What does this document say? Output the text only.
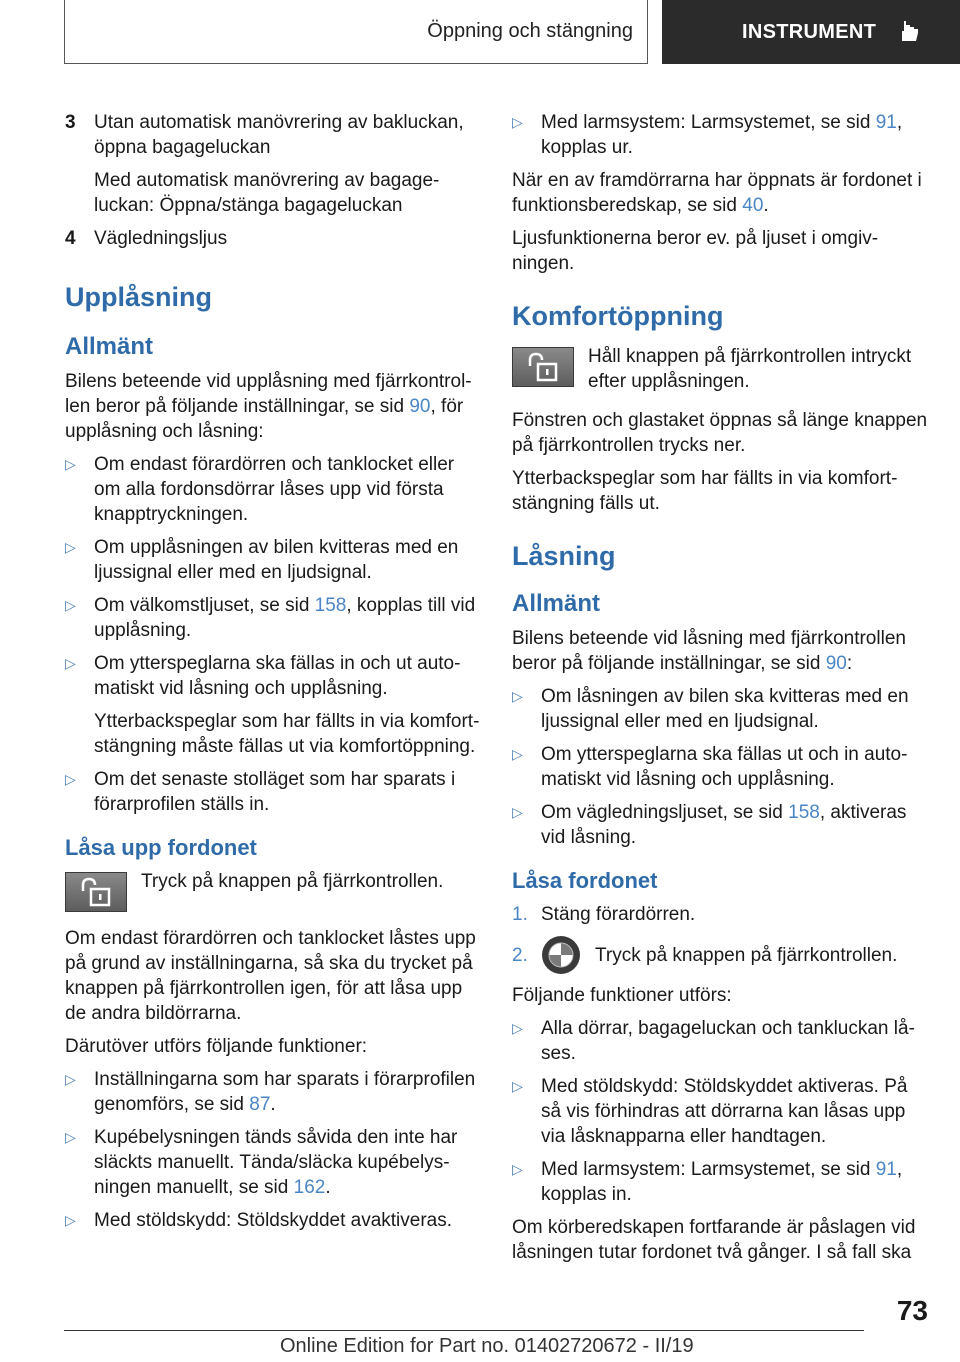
Öppning och stängning	INSTRUMENT
3 Utan automatisk manövrering av bakluckan, öppna bagageluckan
Med automatisk manövrering av bagage-luckan: Öppna/stänga bagageluckan
4 Vägledningsljus
Upplåsning
Allmänt

Bilens beteende vid upplåsning med fjärrkontrol-len beror på följande inställningar, se sid 90, för upplåsning och låsning:

▷ Om endast förardörren och tanklocket eller om alla fordonsdörrar låses upp vid första knapptryckningen.
▷ Om upplåsningen av bilen kvitteras med en ljussignal eller med en ljudsignal.
▷ Om välkomstljuset, se sid 158, kopplas till vid upplåsning.
▷ Om ytterspeglarna ska fällas in och ut auto-matiskt vid låsning och upplåsning.
Ytterbackspeglar som har fällts in via komfort-stängning måste fällas ut via komfortöppning.
▷ Om det senaste stolläget som har sparats i förarprofilen ställs in.
Låsa upp fordonet
Tryck på knappen på fjärrkontrollen.

Om endast förardörren och tanklocket låstes upp på grund av inställningarna, så ska du trycket på knappen på fjärrkontrollen igen, för att låsa upp de andra bildörrarna.

Därutöver utförs följande funktioner:

▷ Inställningarna som har sparats i förarprofilen genomförs, se sid 87.
▷ Kupébelysningen tänds såvida den inte har släckts manuellt. Tända/släcka kupébelys-ningen manuellt, se sid 162.
▷ Med stöldskydd: Stöldskyddet avaktiveras.
▷ Med larmsystem: Larmsystemet, se sid 91, kopplas ur.

När en av framdörrarna har öppnats är fordonet i funktionsberedskap, se sid 40.

Ljusfunktionerna beror ev. på ljuset i omgiv-ningen.

Komfortöppning
Håll knappen på fjärrkontrollen intryckt efter upplåsningen.

Fönstren och glastaket öppnas så länge knappen på fjärrkontrollen trycks ner.

Ytterbackspeglar som har fällts in via komfort-stängning fälls ut.

Låsning
Allmänt

Bilens beteende vid låsning med fjärrkontrollen beror på följande inställningar, se sid 90:

▷ Om låsningen av bilen ska kvitteras med en ljussignal eller med en ljudsignal.
▷ Om ytterspeglarna ska fällas ut och in auto-matiskt vid låsning och upplåsning.
▷ Om vägledningsljuset, se sid 158, aktiveras vid låsning.
Låsa fordonet
1. Stäng förardörren.
2.	Tryck på knappen på fjärrkontrollen.

Följande funktioner utförs:

▷ Alla dörrar, bagageluckan och tankluckan lå-ses.
▷ Med stöldskydd: Stöldskyddet aktiveras. På så vis förhindras att dörrarna kan låsas upp via låsknapparna eller handtagen.
▷ Med larmsystem: Larmsystemet, se sid 91, kopplas in.

Om körberedskapen fortfarande är påslagen vid låsningen tutar fordonet två gånger. I så fall ska

73
Online Edition for Part no. 01402720672 - II/19
